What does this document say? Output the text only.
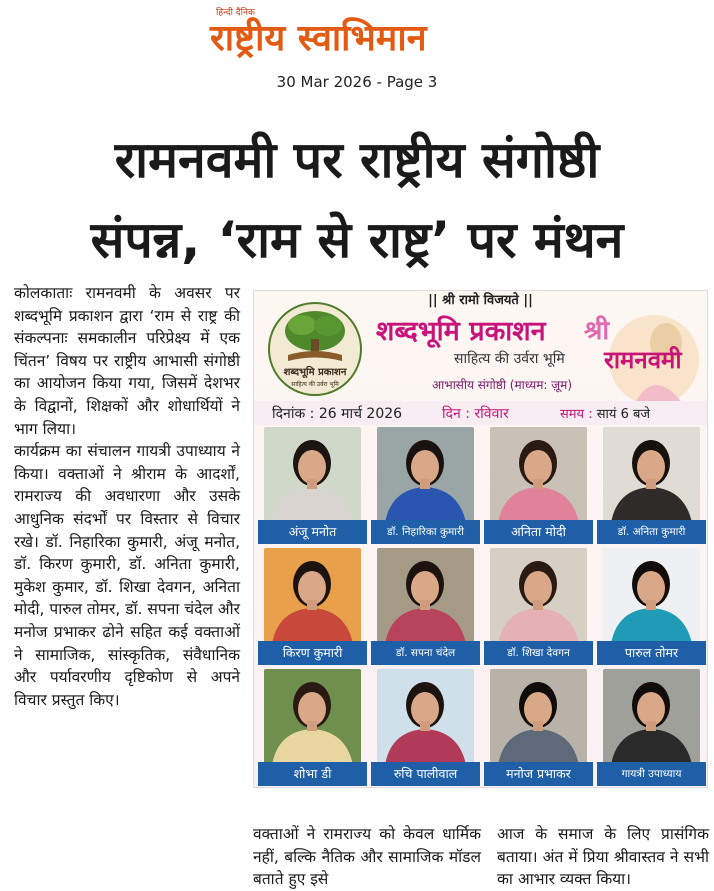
हिन्दी दैनिक
राष्ट्रीय स्वाभिमान
30 Mar 2026 - Page 3
रामनवमी पर राष्ट्रीय संगोष्ठी
संपन्न, ‘राम से राष्ट्र’ पर मंथन

कोलकाताः रामनवमी के अवसर पर शब्दभूमि प्रकाशन द्वारा ‘राम से राष्ट्र की संकल्पनाः समकालीन परिप्रेक्ष्य में एक चिंतन’ विषय पर राष्ट्रीय आभासी संगोष्ठी का आयोजन किया गया, जिसमें देशभर के विद्वानों, शिक्षकों और शोधार्थियों ने भाग लिया।

कार्यक्रम का संचालन गायत्री उपाध्याय ने किया। वक्ताओं ने श्रीराम के आदर्शों, रामराज्य की अवधारणा और उसके आधुनिक संदर्भों पर विस्तार से विचार रखे। डॉ. निहारिका कुमारी, अंजू मनोत, डॉ. किरण कुमारी, डॉ. अनिता कुमारी, मुकेश कुमार, डॉ. शिखा देवगन, अनिता मोदी, पारुल तोमर, डॉ. सपना चंदेल और मनोज प्रभाकर ढोने सहित कई वक्ताओं ने सामाजिक, सांस्कृतिक, संवैधानिक और पर्यावरणीय दृष्टिकोण से अपने विचार प्रस्तुत किए।

|| श्री रामो विजयते ||
शब्दभूमि प्रकाशन
साहित्य की उर्वरा भूमि
शब्दभूमि प्रकाशन
साहित्य की उर्वरा भूमि
आभासीय संगोष्ठी (माध्यम: ज़ूम)
श्री
रामनवमी
दिनांक : 26 मार्च 2026	दिन : रविवार	समय : सायं 6 बजे
अंजू मनोत	डॉ. निहारिका कुमारी	अनिता मोदी	डॉ. अनिता कुमारी
किरण कुमारी	डॉ. सपना चंदेल	डॉ. शिखा देवगन	पारुल तोमर
शोभा डी	रुचि पालीवाल	मनोज प्रभाकर	गायत्री उपाध्याय
वक्ताओं ने रामराज्य को केवल धार्मिक नहीं, बल्कि नैतिक और सामाजिक मॉडल बताते हुए इसे
आज के समाज के लिए प्रासंगिक बताया। अंत में प्रिया श्रीवास्तव ने सभी का आभार व्यक्त किया।
